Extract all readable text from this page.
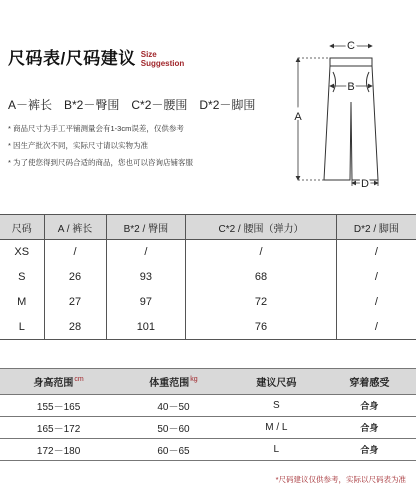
尺码表/尺码建议 Size
Suggestion
A－裤长　B*2－臀围　C*2－腰围　D*2－脚围
* 商品尺寸为手工平铺测量会有1-3cm误差，仅供参考
* 因生产批次不同，实际尺寸请以实物为准
* 为了使您得到尺码合适的商品，您也可以咨询店铺客服
C
B
A
D
尺码	A / 裤长	B*2 / 臀围	C*2 / 腰围（弹力）	D*2 / 脚围
XS	/	/	/	/
S	26	93	68	/
M	27	97	72	/
L	28	101	76	/
身高范围$^{cm}$	体重范围$^{kg}$	建议尺码	穿着感受
155－165	40－50	S	合身
165－172	50－60	M / L	合身
172－180	60－65	L	合身
*尺码建议仅供参考，实际以尺码表为准
